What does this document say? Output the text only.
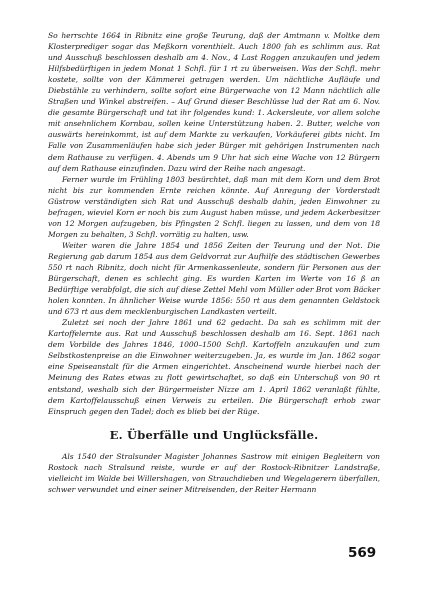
So herrschte 1664 in Ribnitz eine große Teurung, daß der Amtmann v. Moltke dem Klosterprediger sogar das Meßkorn vorenthielt. Auch 1800 fah es schlimm aus. Rat und Ausschuß beschlossen deshalb am 4. Nov., 4 Last Roggen anzukaufen und jedem Hilfsbedürftigen in jedem Monat 1 Schfl. für 1 rt zu überweisen. Was der Schfl. mehr kostete, sollte von der Kämmerei getragen werden. Um nächtliche Aufläufe und Diebstähle zu verhindern, sollte sofort eine Bürgerwache von 12 Mann nächtlich alle Straßen und Winkel abstreifen. – Auf Grund dieser Beschlüsse lud der Rat am 6. Nov. die gesamte Bürgerschaft und tat ihr folgendes kund: 1. Ackersleute, vor allem solche mit ansehnlichem Kornbau, sollen keine Unterstützung haben. 2. Butter, welche von auswärts hereinkommt, ist auf dem Markte zu verkaufen, Vorkäuferei gibts nicht. Im Falle von Zusammenläufen habe sich jeder Bürger mit gehörigen Instrumenten nach dem Rathause zu verfügen. 4. Abends um 9 Uhr hat sich eine Wache von 12 Bürgern auf dem Rathause einzufinden. Dazu wird der Reihe nach angesagt.

Ferner wurde im Frühling 1803 besürchtet, daß man mit dem Korn und dem Brot nicht bis zur kommenden Ernte reichen könnte. Auf Anregung der Vorderstadt Güstrow verständigten sich Rat und Ausschuß deshalb dahin, jeden Einwohner zu befragen, wieviel Korn er noch bis zum August haben müsse, und jedem Ackerbesitzer von 12 Morgen aufzugeben, bis Pfingsten 2 Schfl. liegen zu lassen, und dem von 18 Morgen zu behalten, 3 Schfl. vorrätig zu halten, usw.

Weiter waren die Jahre 1854 und 1856 Zeiten der Teurung und der Not. Die Regierung gab darum 1854 aus dem Geldvorrat zur Aufhilfe des städtischen Gewerbes 550 rt nach Ribnitz, doch nicht für Armenkassenleute, sondern für Personen aus der Bürgerschaft, denen es schlecht ging. Es wurden Karten im Werte von 16 ß an Bedürftige verabfolgt, die sich auf diese Zettel Mehl vom Müller oder Brot vom Bäcker holen konnten. In ähnlicher Weise wurde 1856: 550 rt aus dem genannten Geldstock und 673 rt aus dem mecklenburgischen Landkasten verteilt.

Zuletzt sei noch der Jahre 1861 und 62 gedacht. Da sah es schlimm mit der Kartoffelernte aus. Rat und Ausschuß beschlossen deshalb am 16. Sept. 1861 nach dem Vorbilde des Jahres 1846, 1000–1500 Schfl. Kartoffeln anzukaufen und zum Selbstkostenpreise an die Einwohner weiterzugeben. Ja, es wurde im Jan. 1862 sogar eine Speiseanstalt für die Armen eingerichtet. Anscheinend wurde hierbei nach der Meinung des Rates etwas zu flott gewirtschaftet, so daß ein Unterschuß von 90 rt entstand, weshalb sich der Bürgermeister Nizze am 1. April 1862 veranlaßt fühlte, dem Kartoffelausschuß einen Verweis zu erteilen. Die Bürgerschaft erhob zwar Einspruch gegen den Tadel; doch es blieb bei der Rüge.

E. Überfälle und Unglücksfälle.

Als 1540 der Stralsunder Magister Johannes Sastrow mit einigen Begleitern von Rostock nach Stralsund reiste, wurde er auf der Rostock-Ribnitzer Landstraße, vielleicht im Walde bei Willershagen, von Strauchdieben und Wegelagerern überfallen, schwer verwundet und einer seiner Mitreisenden, der Reiter Hermann

569
